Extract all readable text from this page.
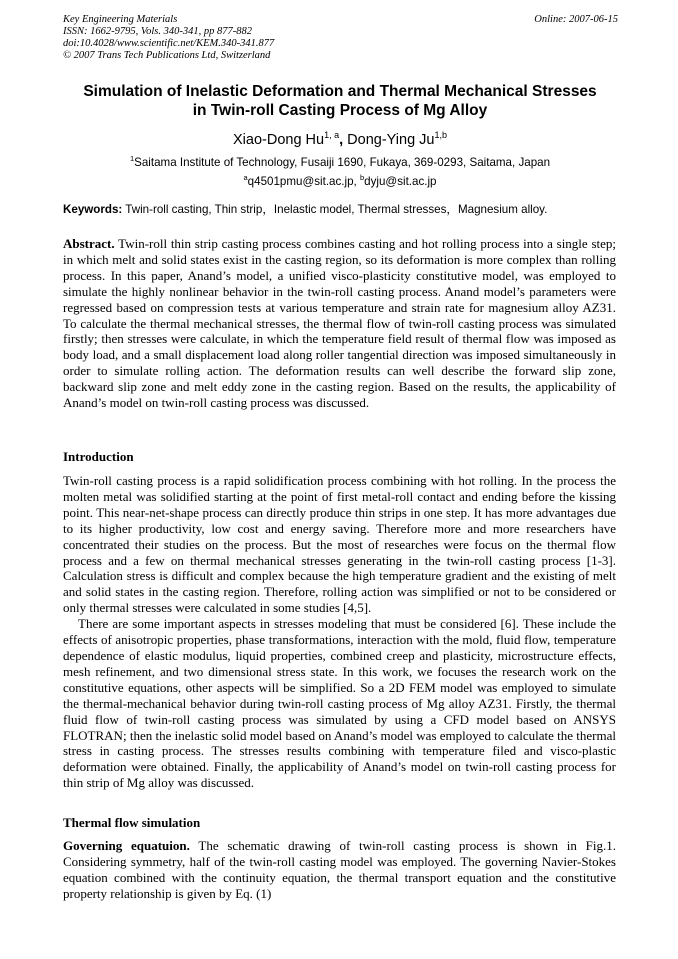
Key Engineering Materials	Online: 2007-06-15
ISSN: 1662-9795, Vols. 340-341, pp 877-882
doi:10.4028/www.scientific.net/KEM.340-341.877
© 2007 Trans Tech Publications Ltd, Switzerland
Simulation of Inelastic Deformation and Thermal Mechanical Stresses
in Twin-roll Casting Process of Mg Alloy
Xiao-Dong Hu$^{1, a}$, Dong-Ying Ju$^{1,b}$
$^1$Saitama Institute of Technology, Fusaiji 1690, Fukaya, 369-0293, Saitama, Japan
$^a$q4501pmu@sit.ac.jp, $^b$dyju@sit.ac.jp
Keywords: Twin-roll casting, Thin strip，Inelastic model, Thermal stresses，Magnesium alloy.
Abstract. Twin-roll thin strip casting process combines casting and hot rolling process into a single step; in which melt and solid states exist in the casting region, so its deformation is more complex than rolling process. In this paper, Anand’s model, a unified visco-plasticity constitutive model, was employed to simulate the highly nonlinear behavior in the twin-roll casting process. Anand model’s parameters were regressed based on compression tests at various temperature and strain rate for magnesium alloy AZ31. To calculate the thermal mechanical stresses, the thermal flow of twin-roll casting process was simulated firstly; then stresses were calculate, in which the temperature field result of thermal flow was imposed as body load, and a small displacement load along roller tangential direction was imposed simultaneously in order to simulate rolling action. The deformation results can well describe the forward slip zone, backward slip zone and melt eddy zone in the casting region. Based on the results, the applicability of Anand’s model on twin-roll casting process was discussed.
Introduction
Twin-roll casting process is a rapid solidification process combining with hot rolling. In the process the molten metal was solidified starting at the point of first metal-roll contact and ending before the kissing point. This near-net-shape process can directly produce thin strips in one step. It has more advantages due to its higher productivity, low cost and energy saving. Therefore more and more researchers have concentrated their studies on the process. But the most of researches were focus on the thermal flow process and a few on thermal mechanical stresses generating in the twin-roll casting process [1-3]. Calculation stress is difficult and complex because the high temperature gradient and the existing of melt and solid states in the casting region. Therefore, rolling action was simplified or not to be considered or only thermal stresses were calculated in some studies [4,5].
There are some important aspects in stresses modeling that must be considered [6]. These include the effects of anisotropic properties, phase transformations, interaction with the mold, fluid flow, temperature dependence of elastic modulus, liquid properties, combined creep and plasticity, microstructure effects, mesh refinement, and two dimensional stress state. In this work, we focuses the research work on the constitutive equations, other aspects will be simplified. So a 2D FEM model was employed to simulate the thermal-mechanical behavior during twin-roll casting process of Mg alloy AZ31. Firstly, the thermal fluid flow of twin-roll casting process was simulated by using a CFD model based on ANSYS FLOTRAN; then the inelastic solid model based on Anand’s model was employed to calculate the thermal stress in casting process. The stresses results combining with temperature filed and visco-plastic deformation were obtained. Finally, the applicability of Anand’s model on twin-roll casting process for thin strip of Mg alloy was discussed.
Thermal flow simulation
Governing equatuion. The schematic drawing of twin-roll casting process is shown in Fig.1. Considering symmetry, half of the twin-roll casting model was employed. The governing Navier-Stokes equation combined with the continuity equation, the thermal transport equation and the constitutive property relationship is given by Eq. (1)
